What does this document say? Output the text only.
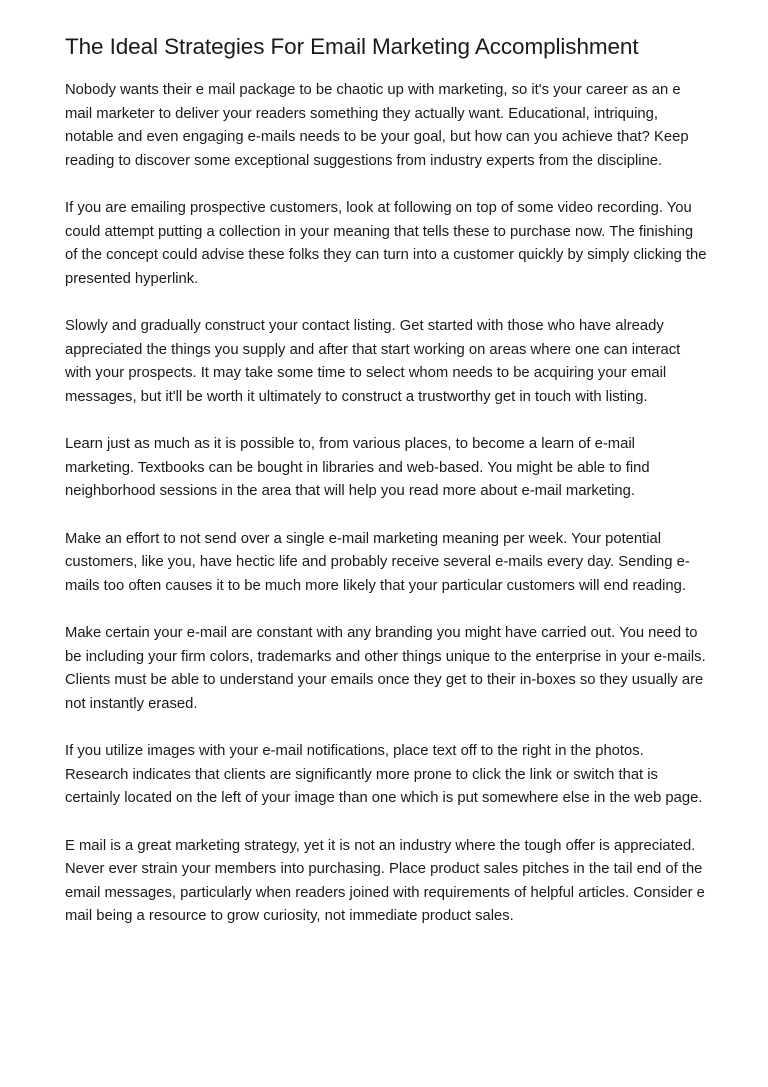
The Ideal Strategies For Email Marketing Accomplishment

Nobody wants their e mail package to be chaotic up with marketing, so it's your career as an e mail marketer to deliver your readers something they actually want. Educational, intriquing, notable and even engaging e-mails needs to be your goal, but how can you achieve that? Keep reading to discover some exceptional suggestions from industry experts from the discipline.

If you are emailing prospective customers, look at following on top of some video recording. You could attempt putting a collection in your meaning that tells these to purchase now. The finishing of the concept could advise these folks they can turn into a customer quickly by simply clicking the presented hyperlink.

Slowly and gradually construct your contact listing. Get started with those who have already appreciated the things you supply and after that start working on areas where one can interact with your prospects. It may take some time to select whom needs to be acquiring your email messages, but it'll be worth it ultimately to construct a trustworthy get in touch with listing.

Learn just as much as it is possible to, from various places, to become a learn of e-mail marketing. Textbooks can be bought in libraries and web-based. You might be able to find neighborhood sessions in the area that will help you read more about e-mail marketing.

Make an effort to not send over a single e-mail marketing meaning per week. Your potential customers, like you, have hectic life and probably receive several e-mails every day. Sending e-mails too often causes it to be much more likely that your particular customers will end reading.

Make certain your e-mail are constant with any branding you might have carried out. You need to be including your firm colors, trademarks and other things unique to the enterprise in your e-mails. Clients must be able to understand your emails once they get to their in-boxes so they usually are not instantly erased.

If you utilize images with your e-mail notifications, place text off to the right in the photos. Research indicates that clients are significantly more prone to click the link or switch that is certainly located on the left of your image than one which is put somewhere else in the web page.

E mail is a great marketing strategy, yet it is not an industry where the tough offer is appreciated. Never ever strain your members into purchasing. Place product sales pitches in the tail end of the email messages, particularly when readers joined with requirements of helpful articles. Consider e mail being a resource to grow curiosity, not immediate product sales.
